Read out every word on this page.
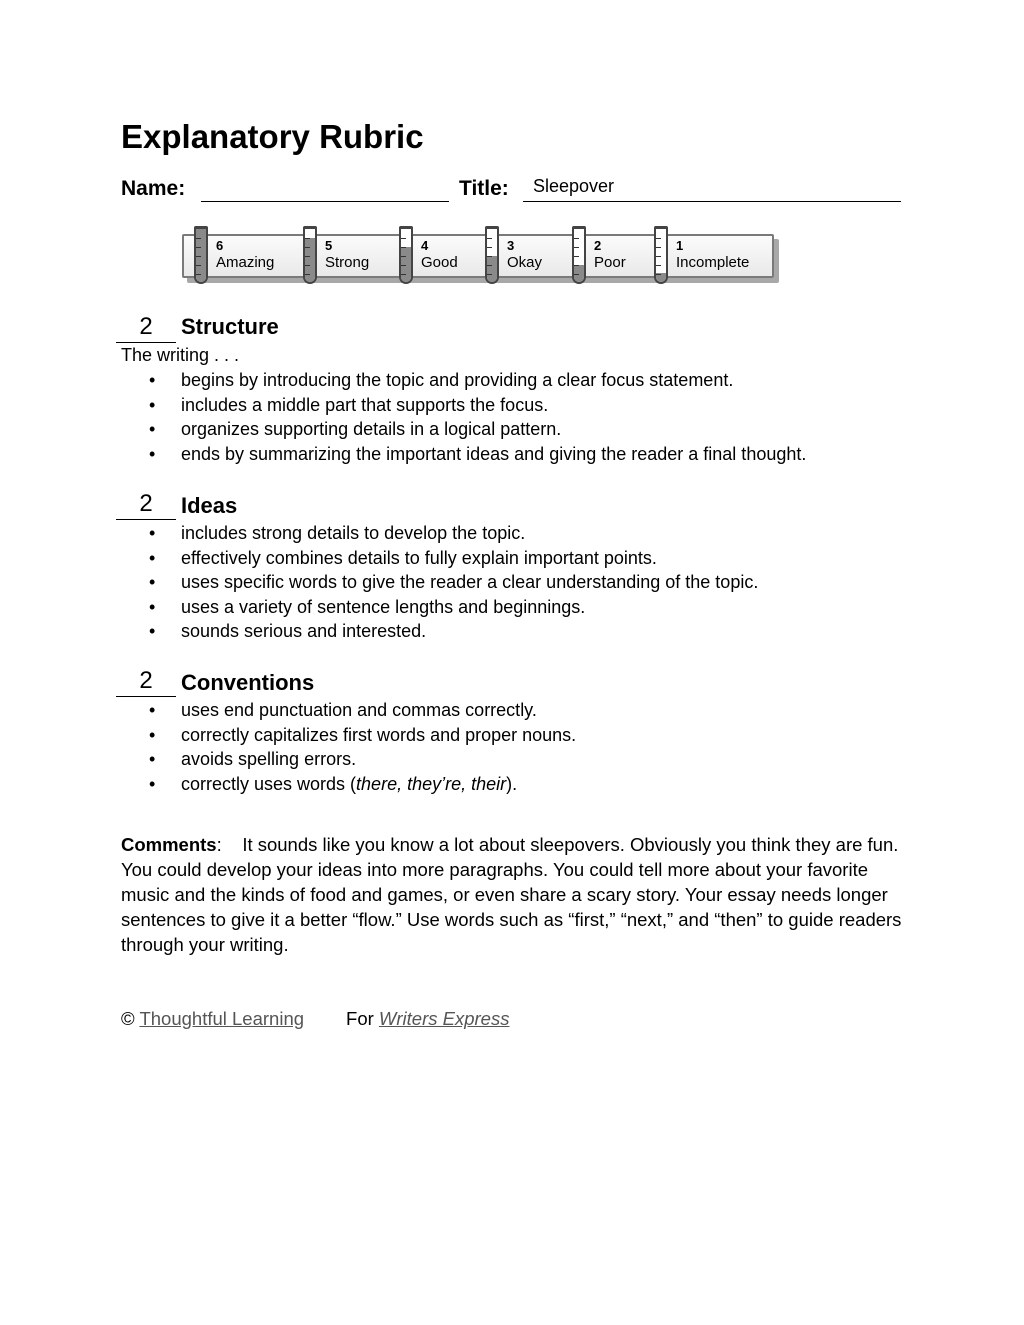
Explanatory Rubric
Name:	Title: Sleepover
6
Amazing
5
Strong
4
Good
3
Okay
2
Poor
1
Incomplete
2	Structure
The writing . . .
• begins by introducing the topic and providing a clear focus statement.
• includes a middle part that supports the focus.
• organizes supporting details in a logical pattern.
• ends by summarizing the important ideas and giving the reader a final thought.
2	Ideas
• includes strong details to develop the topic.
• effectively combines details to fully explain important points.
• uses specific words to give the reader a clear understanding of the topic.
• uses a variety of sentence lengths and beginnings.
• sounds serious and interested.
2	Conventions
• uses end punctuation and commas correctly.
• correctly capitalizes first words and proper nouns.
• avoids spelling errors.
• correctly uses words (there, they’re, their).
Comments:    It sounds like you know a lot about sleepovers. Obviously you think they are fun. You could develop your ideas into more paragraphs. You could tell more about your favorite music and the kinds of food and games, or even share a scary story. Your essay needs longer sentences to give it a better “flow.” Use words such as “first,” “next,” and “then” to guide readers through your writing.
© Thoughtful Learning For Writers Express
